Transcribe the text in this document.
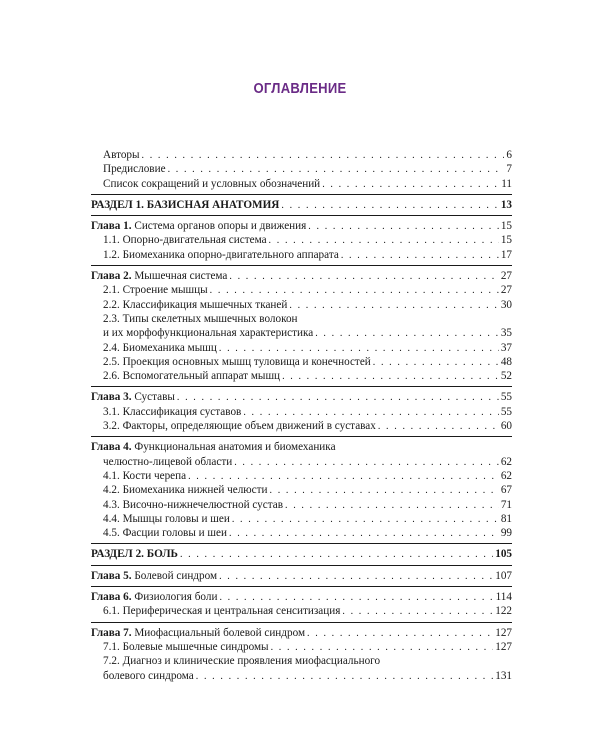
ОГЛАВЛЕНИЕ
Авторы . . .	6
Предисловие . . .	7
Список сокращений и условных обозначений . . .	11
РАЗДЕЛ 1. БАЗИСНАЯ АНАТОМИЯ . . .	13
Глава 1. Система органов опоры и движения . . .	15
1.1. Опорно-двигательная система . . .	15
1.2. Биомеханика опорно-двигательного аппарата . . .	17
Глава 2. Мышечная система . . .	27
2.1. Строение мышцы . . .	27
2.2. Классификация мышечных тканей . . .	30
2.3. Типы скелетных мышечных волокон
и их морфофункциональная характеристика . . .	35
2.4. Биомеханика мышц . . .	37
2.5. Проекция основных мышц туловища и конечностей . . .	48
2.6. Вспомогательный аппарат мышц . . .	52
Глава 3. Суставы . . .	55
3.1. Классификация суставов . . .	55
3.2. Факторы, определяющие объем движений в суставах . . .	60
Глава 4. Функциональная анатомия и биомеханика
челюстно-лицевой области . . .	62
4.1. Кости черепа . . .	62
4.2. Биомеханика нижней челюсти . . .	67
4.3. Височно-нижнечелюстной сустав . . .	71
4.4. Мышцы головы и шеи . . .	81
4.5. Фасции головы и шеи . . .	99
РАЗДЕЛ 2. БОЛЬ . . .	105
Глава 5. Болевой синдром . . .	107
Глава 6. Физиология боли . . .	114
6.1. Периферическая и центральная сенситизация . . .	122
Глава 7. Миофасциальный болевой синдром . . .	127
7.1. Болевые мышечные синдромы . . .	127
7.2. Диагноз и клинические проявления миофасциального
болевого синдрома . . .	131
